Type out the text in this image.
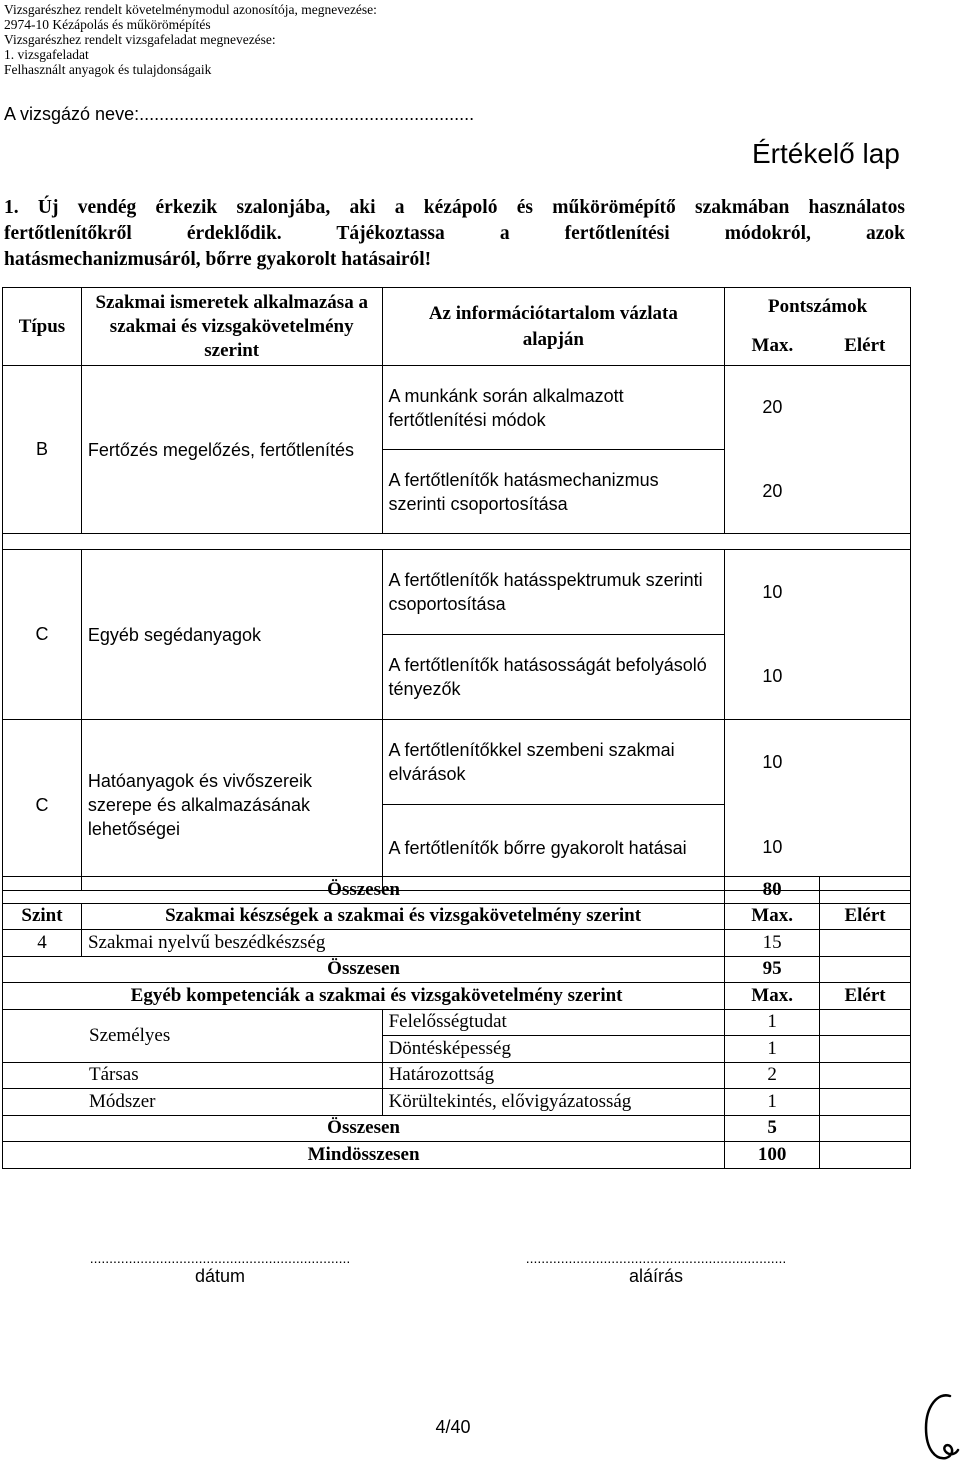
Vizsgarészhez rendelt követelménymodul azonosítója, megnevezése:
2974-10 Kézápolás és műkörömépítés
Vizsgarészhez rendelt vizsgafeladat megnevezése:
1. vizsgafeladat
Felhasznált anyagok és tulajdonságaik
A vizsgázó neve:...................................................................
Értékelő lap
1. Új vendég érkezik szalonjába, aki a kézápoló és műkörömépítő szakmában használatos
fertőtlenítőkről érdeklődik. Tájékoztassa a fertőtlenítési módokról, azok
hatásmechanizmusáról, bőrre gyakorolt hatásairól!
Típus	Szakmai ismeretek alkalmazása a szakmai és vizsgakövetelmény szerint	Az információtartalom vázlata alapján	Pontszámok	
			Max.	Elért
B	Fertőzés megelőzés, fertőtlenítés	A munkánk során alkalmazott fertőtlenítési módok	20	

		A fertőtlenítők hatásmechanizmus szerinti csoportosítása	20	

C	Egyéb segédanyagok	A fertőtlenítők hatásspektrumuk szerinti csoportosítása	10	

		A fertőtlenítők hatásosságát befolyásoló tényezők	10	
C	Hatóanyagok és vivőszereik szerepe és alkalmazásának lehetőségei	A fertőtlenítőkkel szembeni szakmai elvárások	10	

		A fertőtlenítők bőrre gyakorolt hatásai	10	
Összesen			80	
Szint	Szakmai készségek a szakmai és vizsgakövetelmény szerint		Max.	Elért
4	Szakmai nyelvű beszédkészség		15	
Összesen			95	
Egyéb kompetenciák a szakmai és vizsgakövetelmény szerint			Max.	Elért
Személyes		Felelősségtudat	1	
		Döntésképesség	1	
Társas		Határozottság	2	
Módszer		Körültekintés, elővigyázatosság	1	
Összesen			5	
Mindösszesen			100	
...................................................................
dátum
...................................................................
aláírás
4/40
